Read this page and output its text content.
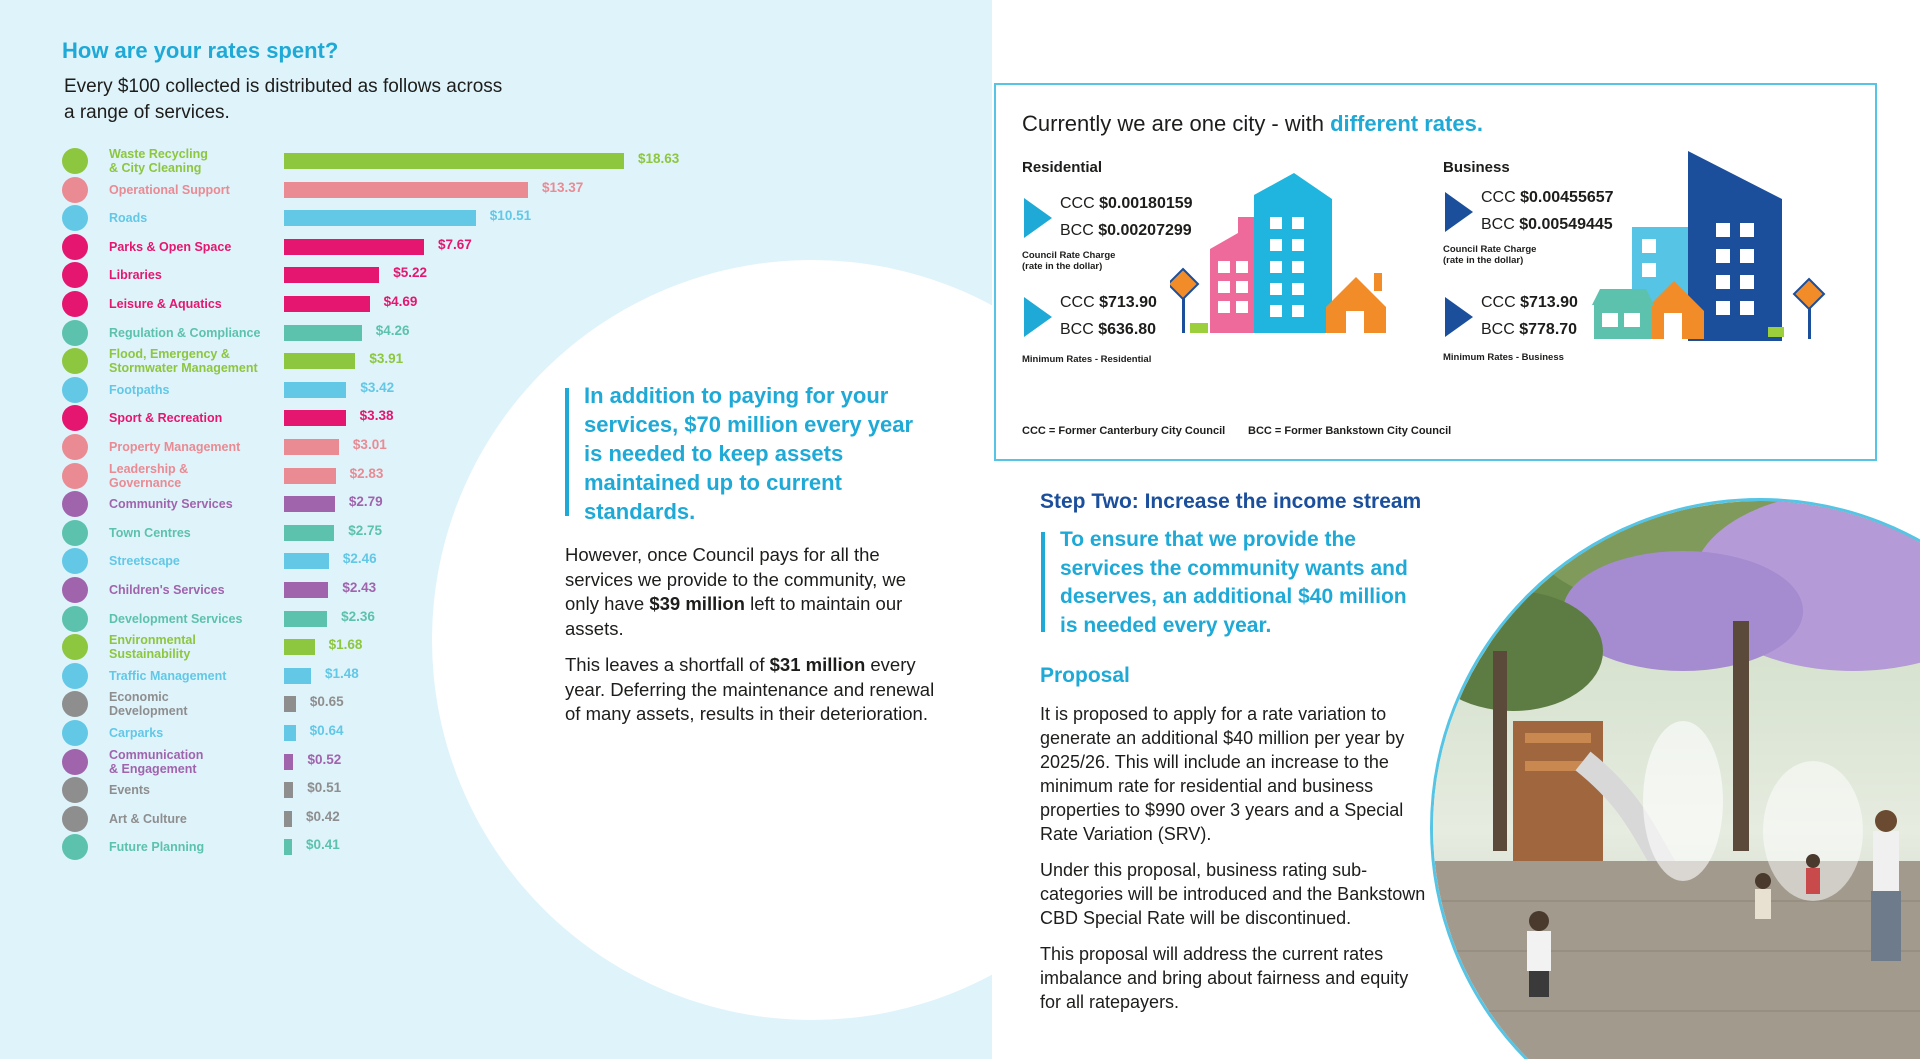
How are your rates spent?
Every $100 collected is distributed as follows across a range of services.
Waste Recycling
& City Cleaning
$18.63
Operational Support	$13.37
Roads	$10.51
Parks & Open Space	$7.67
Libraries	$5.22
Leisure & Aquatics	$4.69
Regulation & Compliance	$4.26
Flood, Emergency &
Stormwater Management
$3.91
Footpaths	$3.42
Sport & Recreation	$3.38
Property Management	$3.01
Leadership &
Governance
$2.83
Community Services	$2.79
Town Centres	$2.75
Streetscape	$2.46
Children's Services	$2.43
Development Services	$2.36
Environmental
Sustainability
$1.68
Traffic Management	$1.48
Economic
Development
$0.65
Carparks	$0.64
Communication
& Engagement
$0.52
Events	$0.51
Art & Culture	$0.42
Future Planning	$0.41
In addition to paying for your services, $70 million every year is needed to keep assets maintained up to current standards.

However, once Council pays for all the services we provide to the community, we only have $39 million left to maintain our assets.

This leaves a shortfall of $31 million every year. Deferring the maintenance and renewal of many assets, results in their deterioration.

Currently we are one city - with different rates.
Residential
CCC $0.00180159
BCC $0.00207299
Council Rate Charge
(rate in the dollar)
CCC $713.90
BCC $636.80
Minimum Rates - Residential
Business
CCC $0.00455657
BCC $0.00549445
Council Rate Charge
(rate in the dollar)
CCC $713.90
BCC $778.70
Minimum Rates - Business
CCC = Former Canterbury City Council BCC = Former Bankstown City Council
Step Two: Increase the income stream
To ensure that we provide the services the community wants and deserves, an additional $40 million is needed every year.
Proposal

It is proposed to apply for a rate variation to generate an additional $40 million per year by 2025/26. This will include an increase to the minimum rate for residential and business properties to $990 over 3 years and a Special Rate Variation (SRV).

Under this proposal, business rating sub-categories will be introduced and the Bankstown CBD Special Rate will be discontinued.

This proposal will address the current rates imbalance and bring about fairness and equity for all ratepayers.
